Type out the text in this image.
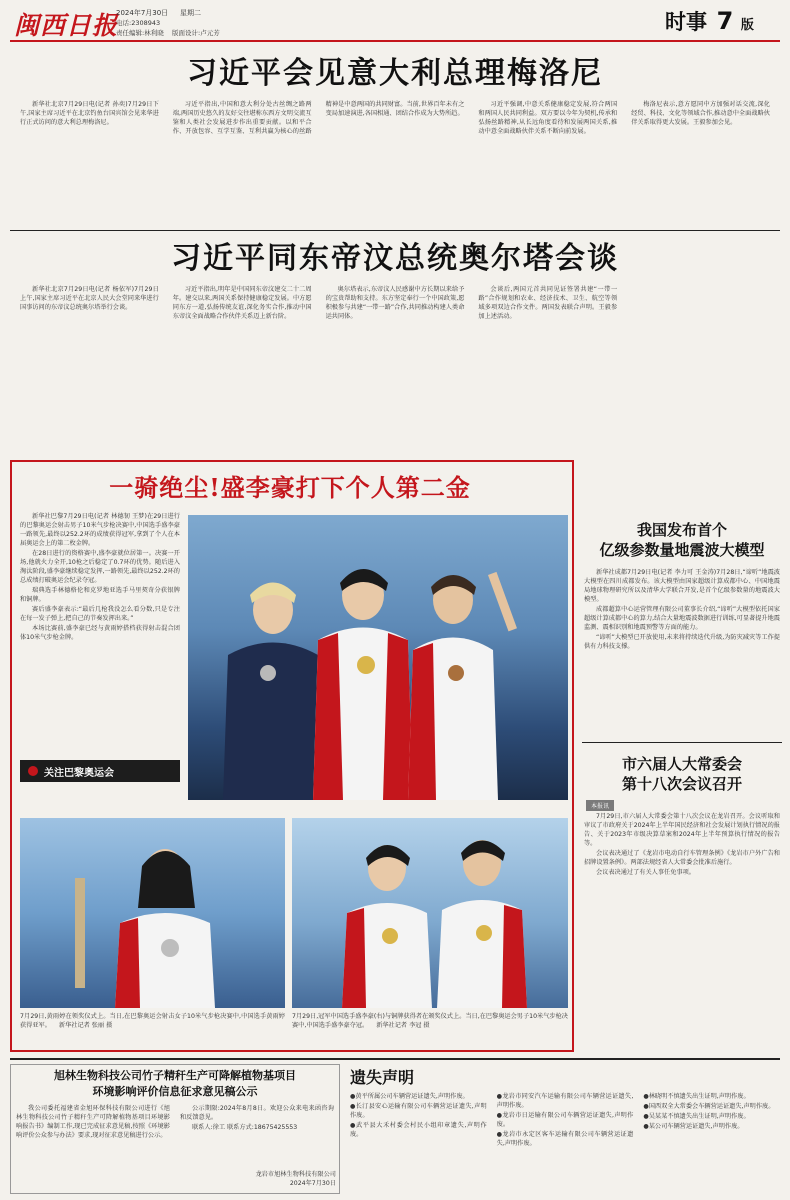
闽西日报
2024年7月30日 星期二
电话:2308943
责任编辑:林利晓 版面设计:卢元芳	时事 7 版
习近平会见意大利总理梅洛尼

新华社北京7月29日电(记者 孙奕)7月29日下午,国家主席习近平在北京钓鱼台国宾馆会见来华进行正式访问的意大利总理梅洛尼。

习近平指出,中国和意大利分处古丝绸之路两端,两国历史悠久的友好交往堪称东西方文明交流互鉴和人类社会发展进步作出重要贡献。以和平合作、开放包容、互学互鉴、互利共赢为核心的丝路精神是中意两国的共同财富。当前,世界百年未有之变局加速演进,各国相通、团结合作成为大势所趋。

习近平强调,中意关系健康稳定发展,符合两国和两国人民共同利益。双方要以今年为契机,传承和弘扬丝路精神,从长远角度看待和发展两国关系,推动中意全面战略伙伴关系不断向前发展。

梅洛尼表示,意方愿同中方加强对话交流,深化经贸、科技、文化等领域合作,推动意中全面战略伙伴关系取得更大发展。王毅参加会见。

习近平同东帝汶总统奥尔塔会谈

新华社北京7月29日电(记者 杨依军)7月29日上午,国家主席习近平在北京人民大会堂同来华进行国事访问的东帝汶总统奥尔塔举行会谈。

习近平指出,明年是中国同东帝汶建交二十二周年。建交以来,两国关系保持健康稳定发展。中方愿同东方一道,弘扬传统友谊,深化务实合作,推动中国东帝汶全面战略合作伙伴关系迈上新台阶。

奥尔塔表示,东帝汶人民感谢中方长期以来给予的宝贵帮助和支持。东方坚定奉行一个中国政策,愿积极参与共建“一带一路”合作,共同推动构建人类命运共同体。

会谈后,两国元首共同见证签署共建“一带一路”合作规划和农业、经济技术、卫生、航空等领域多项双边合作文件。两国发表联合声明。王毅参加上述活动。

一骑绝尘!盛李豪打下个人第二金

新华社巴黎7月29日电(记者 林德韧 王梦)在29日进行的巴黎奥运会射击男子10米气步枪决赛中,中国选手盛李豪一路领先,最终以252.2环的成绩获得冠军,拿到了个人在本届奥运会上的第二枚金牌。

在28日进行的资格赛中,盛李豪就位居第一。决赛一开场,他就火力全开,10枪之后稳定了0.7环的优势。随后进入淘汰阶段,盛李豪继续稳定发挥,一路领先,最终以252.2环的总成绩打破奥运会纪录夺冠。

瑞典选手林德格伦和克罗地亚选手马里契奇分获银牌和铜牌。

赛后盛李豪表示:“最后几枪我没怎么看分数,只是专注在每一发子弹上,把自己的节奏发挥出来。”

本场比赛前,盛李豪已经与黄雨婷搭档获得射击混合团体10米气步枪金牌。

关注巴黎奥运会
7月29日,黄雨婷在领奖仪式上。当日,在巴黎奥运会射击女子10米气步枪决赛中,中国选手黄雨婷获得亚军。 新华社记者 张丽 摄
7月29日,冠军中国选手盛李豪(右)与铜牌获得者在颁奖仪式上。当日,在巴黎奥运会男子10米气步枪决赛中,中国选手盛李豪夺冠。 新华社记者 李冠 摄
我国发布首个
亿级参数量地震波大模型

新华社成都7月29日电(记者 李力可 王金涛)7月28日,“谛听”地震波大模型在四川成都发布。该大模型由国家超级计算成都中心、中国地震局地球物理研究所以及清华大学联合开发,是首个亿级参数量的地震波大模型。

成都超算中心运营管理有限公司董事长介绍,“谛听”大模型依托国家超级计算成都中心的算力,结合大量地震波数据进行训练,可显著提升地震监测、震相识别和地震预警等方面的能力。

“谛听”大模型已开放使用,未来将持续迭代升级,为防灾减灾等工作提供有力科技支撑。

市六届人大常委会
第十八次会议召开
本报讯

7月29日,市六届人大常委会第十八次会议在龙岩召开。会议听取和审议了市政府关于2024年上半年国民经济和社会发展计划执行情况的报告、关于2023年市级决算草案和2024年上半年预算执行情况的报告等。

会议表决通过了《龙岩市电动自行车管理条例》《龙岩市户外广告和招牌设置条例》。两部法规经省人大常委会批准后施行。

会议表决通过了有关人事任免事项。

旭林生物科技公司竹子精秆生产可降解植物基项目
环境影响评价信息征求意见稿公示

我公司委托福建省金旭环保科技有限公司进行《旭林生物科技公司竹子精秆生产可降解植物基项目环境影响报告书》编制工作,现已完成征求意见稿,按照《环境影响评价公众参与办法》要求,现对征求意见稿进行公示。

公示期限:2024年8月8日。欢迎公众来电来函咨询和反馈意见。

联系人:徐工 联系方式:18675425553

龙岩市旭林生物科技有限公司
2024年7月30日
遗失声明

●黄平所属公司车辆营运证遗失,声明作废。

●长汀县安心运输有限公司车辆营运证遗失,声明作废。

●武平县大禾村委会村民小组印章遗失,声明作废。

●龙岩市同安汽车运输有限公司车辆营运证遗失,声明作废。

●龙岩市日运输有限公司车辆营运证遗失,声明作废。

●龙岩市永定区客车运输有限公司车辆营运证遗失,声明作废。

●林晓明不慎遗失出生证明,声明作废。

●国西双全大常委会车辆营运证遗失,声明作废。

●吴某某不慎遗失出生证明,声明作废。

●某公司车辆营运证遗失,声明作废。
